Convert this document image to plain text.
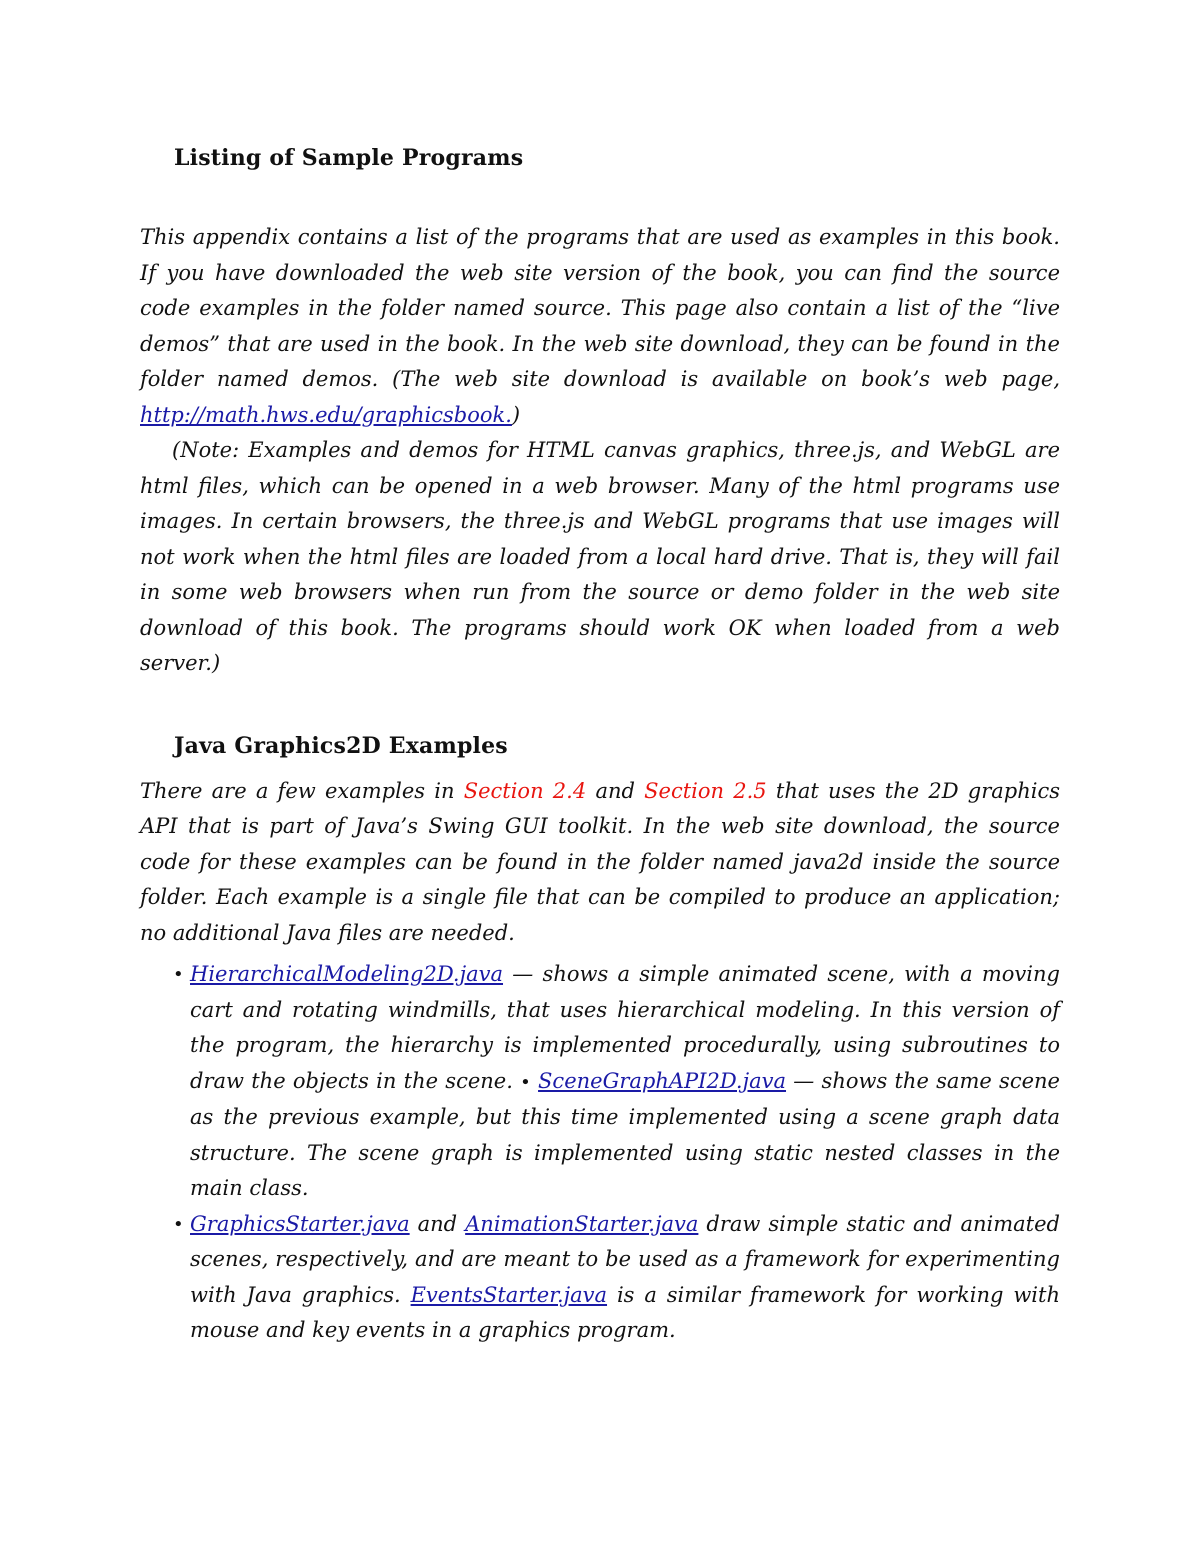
Listing of Sample Programs

This appendix contains a list of the programs that are used as examples in this book. If you have downloaded the web site version of the book, you can find the source code examples in the folder named source. This page also contain a list of the “live demos” that are used in the book. In the web site download, they can be found in the folder named demos. (The web site download is available on book’s web page, http://math.hws.edu/graphicsbook.)

(Note: Examples and demos for HTML canvas graphics, three.js, and WebGL are html files, which can be opened in a web browser. Many of the html programs use images. In certain browsers, the three.js and WebGL programs that use images will not work when the html files are loaded from a local hard drive. That is, they will fail in some web browsers when run from the source or demo folder in the web site download of this book. The programs should work OK when loaded from a web server.)

Java Graphics2D Examples

There are a few examples in Section 2.4 and Section 2.5 that uses the 2D graphics API that is part of Java’s Swing GUI toolkit. In the web site download, the source code for these examples can be found in the folder named java2d inside the source folder. Each example is a single file that can be compiled to produce an application; no additional Java files are needed.

• HierarchicalModeling2D.java — shows a simple animated scene, with a moving cart and rotating windmills, that uses hierarchical modeling. In this version of the program, the hierarchy is implemented procedurally, using subroutines to draw the objects in the scene. • SceneGraphAPI2D.java — shows the same scene as the previous example, but this time implemented using a scene graph data structure. The scene graph is implemented using static nested classes in the main class.
• GraphicsStarter.java and AnimationStarter.java draw simple static and animated scenes, respectively, and are meant to be used as a framework for experimenting with Java graphics. EventsStarter.java is a similar framework for working with mouse and key events in a graphics program.
